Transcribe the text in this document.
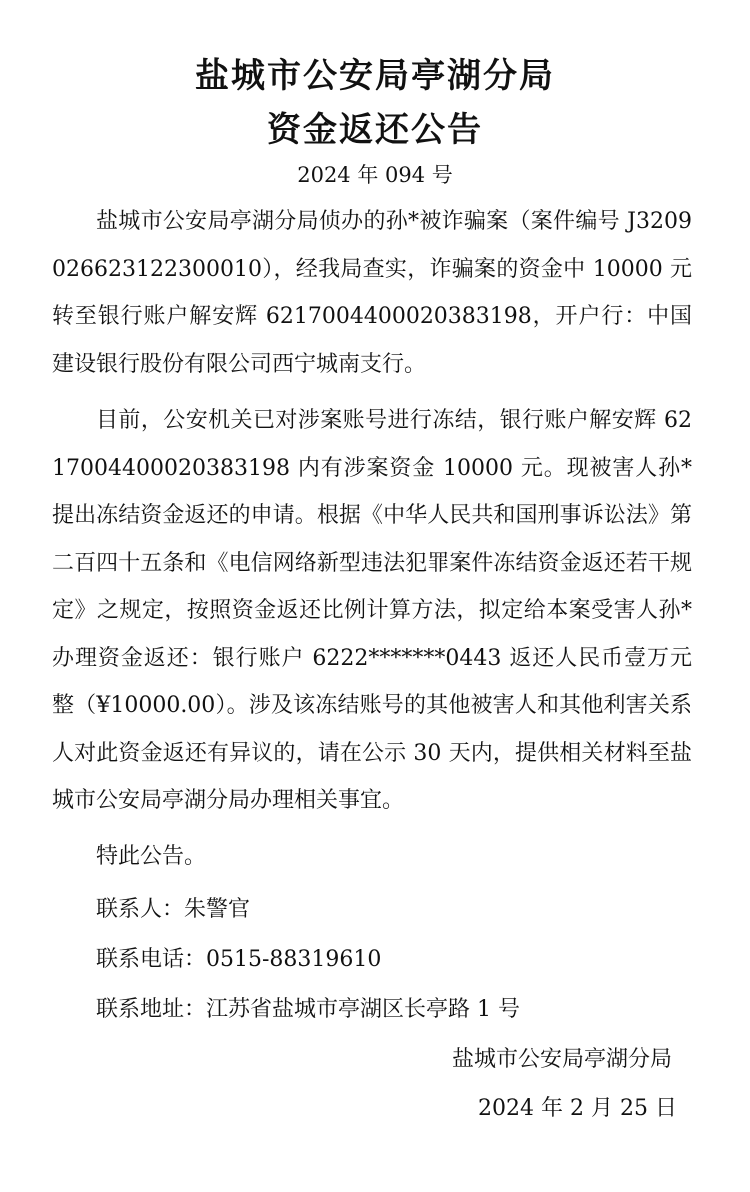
盐城市公安局亭湖分局
资金返还公告
2024 年 094 号

盐城市公安局亭湖分局侦办的孙*被诈骗案（案件编号 J3209026623122300010），经我局查实，诈骗案的资金中 10000 元转至银行账户解安辉 6217004400020383198，开户行：中国建设银行股份有限公司西宁城南支行。

目前，公安机关已对涉案账号进行冻结，银行账户解安辉 6217004400020383198 内有涉案资金 10000 元。现被害人孙*提出冻结资金返还的申请。根据《中华人民共和国刑事诉讼法》第二百四十五条和《电信网络新型违法犯罪案件冻结资金返还若干规定》之规定，按照资金返还比例计算方法，拟定给本案受害人孙*办理资金返还：银行账户 6222*******0443 返还人民币壹万元整（¥10000.00）。涉及该冻结账号的其他被害人和其他利害关系人对此资金返还有异议的，请在公示 30 天内，提供相关材料至盐城市公安局亭湖分局办理相关事宜。

特此公告。
联系人：朱警官
联系电话：0515-88319610
联系地址：江苏省盐城市亭湖区长亭路 1 号
盐城市公安局亭湖分局
2024 年 2 月 25 日
